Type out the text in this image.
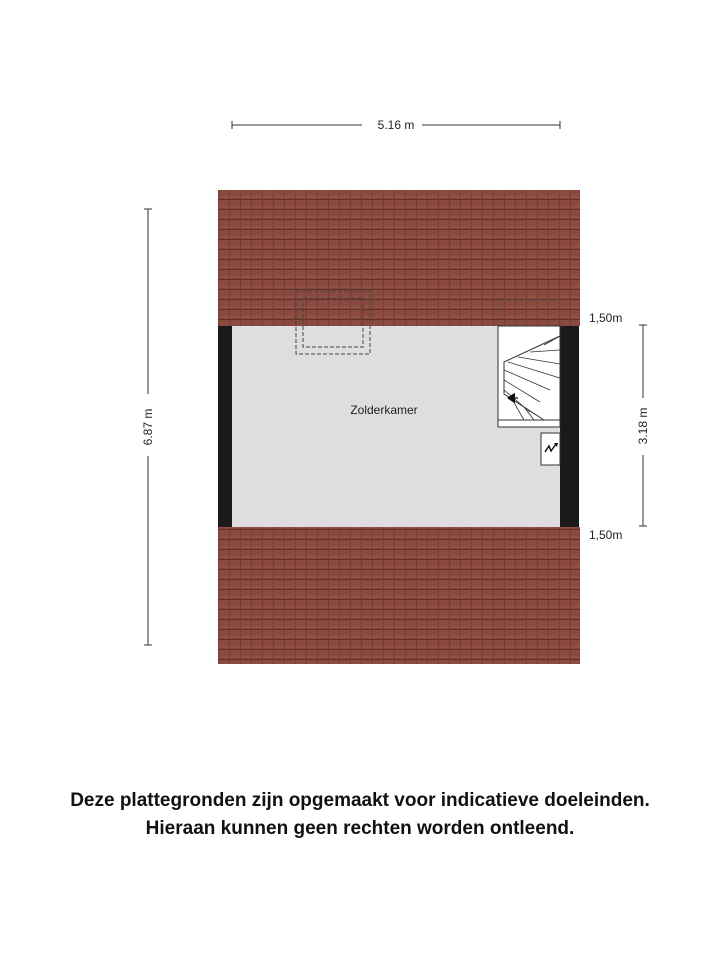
5.16 m
6.87 m	3.18 m
1,50m
1,50m
Zolderkamer
Deze plattegronden zijn opgemaakt voor indicatieve doeleinden.
Hieraan kunnen geen rechten worden ontleend.
